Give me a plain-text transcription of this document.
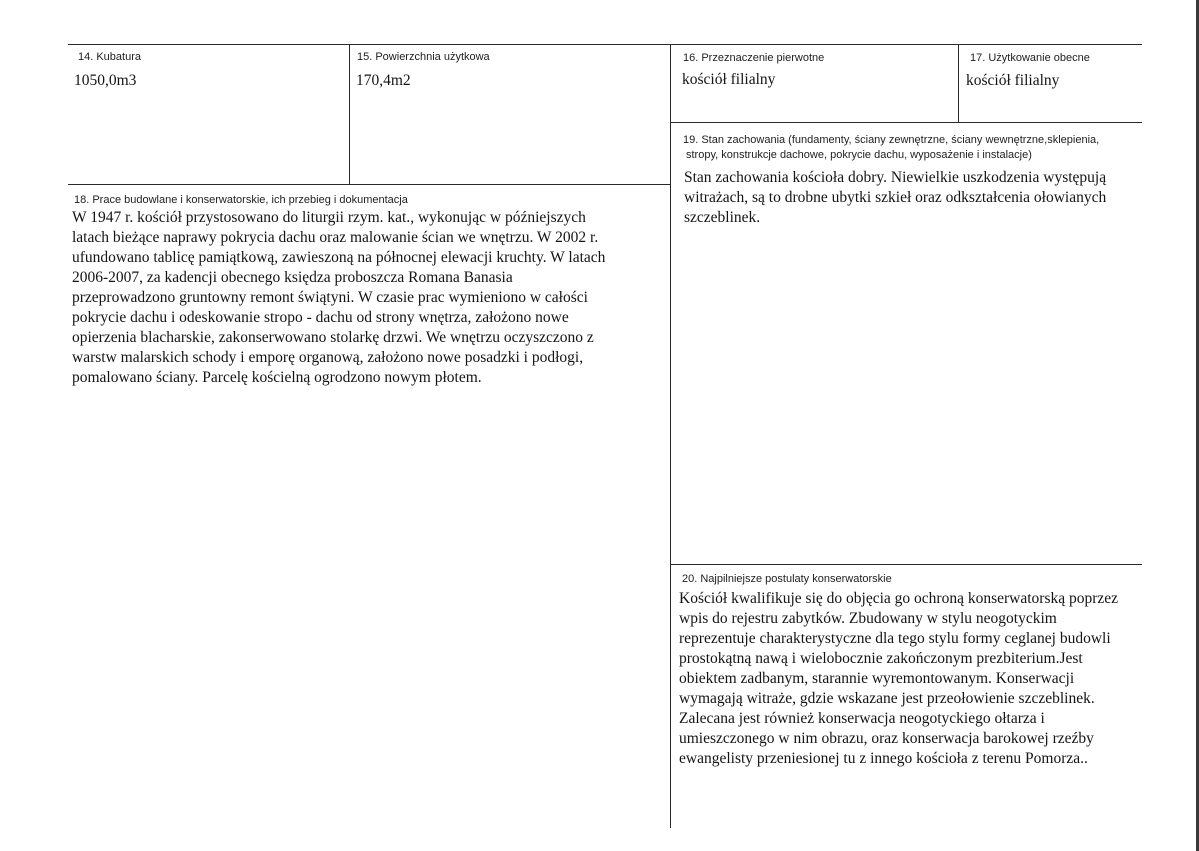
14. Kubatura
1050,0m3
15. Powierzchnia użytkowa
170,4m2
16. Przeznaczenie pierwotne
kościół filialny
17. Użytkowanie obecne
kościół filialny
19. Stan zachowania (fundamenty, ściany zewnętrzne, ściany wewnętrzne,sklepienia,
stropy, konstrukcje dachowe, pokrycie dachu, wyposażenie i instalacje)
Stan zachowania kościoła dobry. Niewielkie uszkodzenia występują
witrażach, są to drobne ubytki szkieł oraz odkształcenia ołowianych
szczeblinek.
18. Prace budowlane i konserwatorskie, ich przebieg i dokumentacja
W 1947 r. kościół przystosowano do liturgii rzym. kat., wykonując w późniejszych
latach bieżące naprawy pokrycia dachu oraz malowanie ścian we wnętrzu. W 2002 r.
ufundowano tablicę pamiątkową, zawieszoną na północnej elewacji kruchty. W latach
2006-2007, za kadencji obecnego księdza proboszcza Romana Banasia
przeprowadzono gruntowny remont świątyni. W czasie prac wymieniono w całości
pokrycie dachu i odeskowanie stropo - dachu od strony wnętrza, założono nowe
opierzenia blacharskie, zakonserwowano stolarkę drzwi. We wnętrzu oczyszczono z
warstw malarskich schody i emporę organową, założono nowe posadzki i podłogi,
pomalowano ściany. Parcelę kościelną ogrodzono nowym płotem.
20. Najpilniejsze postulaty konserwatorskie
Kościół kwalifikuje się do objęcia go ochroną konserwatorską poprzez
wpis do rejestru zabytków. Zbudowany w stylu neogotyckim
reprezentuje charakterystyczne dla tego stylu formy ceglanej budowli
prostokątną nawą i wielobocznie zakończonym prezbiterium.Jest
obiektem zadbanym, starannie wyremontowanym. Konserwacji
wymagają witraże, gdzie wskazane jest przeołowienie szczeblinek.
Zalecana jest również konserwacja neogotyckiego ołtarza i
umieszczonego w nim obrazu, oraz konserwacja barokowej rzeźby
ewangelisty przeniesionej tu z innego kościoła z terenu Pomorza..
